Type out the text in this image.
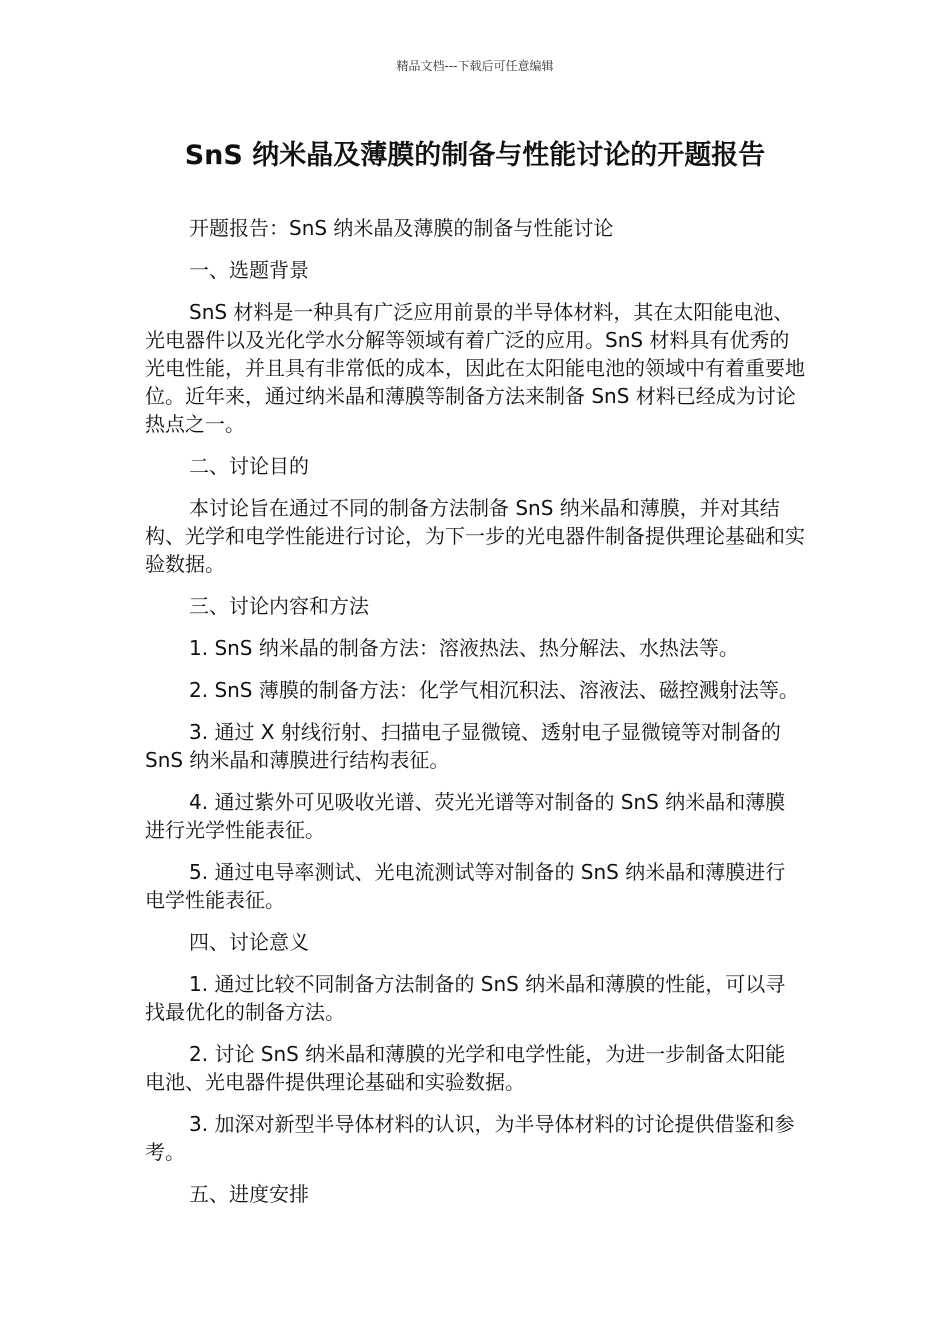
精品文档---下载后可任意编辑
SnS 纳米晶及薄膜的制备与性能讨论的开题报告

开题报告：SnS 纳米晶及薄膜的制备与性能讨论

一、选题背景

SnS 材料是一种具有广泛应用前景的半导体材料，其在太阳能电池、光电器件以及光化学水分解等领域有着广泛的应用。SnS 材料具有优秀的光电性能，并且具有非常低的成本，因此在太阳能电池的领域中有着重要地位。近年来，通过纳米晶和薄膜等制备方法来制备 SnS 材料已经成为讨论热点之一。

二、讨论目的

本讨论旨在通过不同的制备方法制备 SnS 纳米晶和薄膜，并对其结构、光学和电学性能进行讨论，为下一步的光电器件制备提供理论基础和实验数据。

三、讨论内容和方法

1. SnS 纳米晶的制备方法：溶液热法、热分解法、水热法等。

2. SnS 薄膜的制备方法：化学气相沉积法、溶液法、磁控溅射法等。

3. 通过 X 射线衍射、扫描电子显微镜、透射电子显微镜等对制备的 SnS 纳米晶和薄膜进行结构表征。

4. 通过紫外可见吸收光谱、荧光光谱等对制备的 SnS 纳米晶和薄膜进行光学性能表征。

5. 通过电导率测试、光电流测试等对制备的 SnS 纳米晶和薄膜进行电学性能表征。

四、讨论意义

1. 通过比较不同制备方法制备的 SnS 纳米晶和薄膜的性能，可以寻找最优化的制备方法。

2. 讨论 SnS 纳米晶和薄膜的光学和电学性能，为进一步制备太阳能电池、光电器件提供理论基础和实验数据。

3. 加深对新型半导体材料的认识，为半导体材料的讨论提供借鉴和参考。

五、进度安排
